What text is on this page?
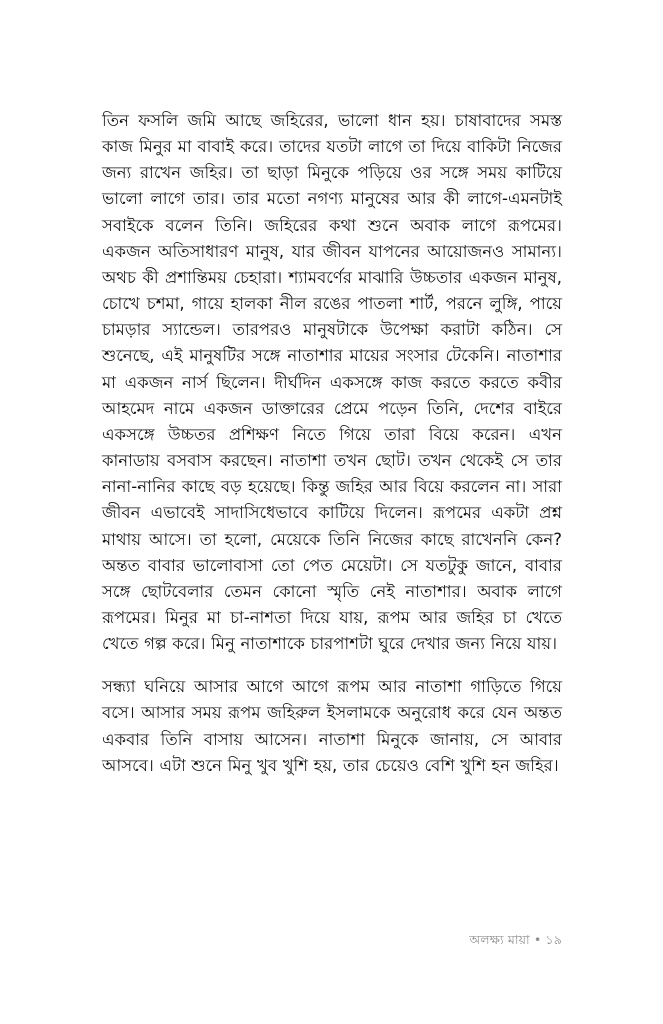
তিন ফসলি জমি আছে জহিরের, ভালো ধান হয়। চাষাবাদের সমস্ত কাজ মিনুর মা বাবাই করে। তাদের যতটা লাগে তা দিয়ে বাকিটা নিজের জন্য রাখেন জহির। তা ছাড়া মিনুকে পড়িয়ে ওর সঙ্গে সময় কাটিয়ে ভালো লাগে তার। তার মতো নগণ্য মানুষের আর কী লাগে-এমনটাই সবাইকে বলেন তিনি। জহিরের কথা শুনে অবাক লাগে রূপমের। একজন অতিসাধারণ মানুষ, যার জীবন যাপনের আয়োজনও সামান্য। অথচ কী প্রশান্তিময় চেহারা। শ্যামবর্ণের মাঝারি উচ্চতার একজন মানুষ, চোখে চশমা, গায়ে হালকা নীল রঙের পাতলা শার্ট, পরনে লুঙ্গি, পায়ে চামড়ার স্যান্ডেল। তারপরও মানুষটাকে উপেক্ষা করাটা কঠিন। সে শুনেছে, এই মানুষটির সঙ্গে নাতাশার মায়ের সংসার টেকেনি। নাতাশার মা একজন নার্স ছিলেন। দীর্ঘদিন একসঙ্গে কাজ করতে করতে কবীর আহমেদ নামে একজন ডাক্তারের প্রেমে পড়েন তিনি, দেশের বাইরে একসঙ্গে উচ্চতর প্রশিক্ষণ নিতে গিয়ে তারা বিয়ে করেন। এখন কানাডায় বসবাস করছেন। নাতাশা তখন ছোট। তখন থেকেই সে তার নানা-নানির কাছে বড় হয়েছে। কিন্তু জহির আর বিয়ে করলেন না। সারা জীবন এভাবেই সাদাসিধেভাবে কাটিয়ে দিলেন। রূপমের একটা প্রশ্ন মাথায় আসে। তা হলো, মেয়েকে তিনি নিজের কাছে রাখেননি কেন? অন্তত বাবার ভালোবাসা তো পেত মেয়েটা। সে যতটুকু জানে, বাবার সঙ্গে ছোটবেলার তেমন কোনো স্মৃতি নেই নাতাশার। অবাক লাগে রূপমের। মিনুর মা চা-নাশতা দিয়ে যায়, রূপম আর জহির চা খেতে খেতে গল্প করে। মিনু নাতাশাকে চারপাশটা ঘুরে দেখার জন্য নিয়ে যায়।

সন্ধ্যা ঘনিয়ে আসার আগে আগে রূপম আর নাতাশা গাড়িতে গিয়ে বসে। আসার সময় রূপম জহিরুল ইসলামকে অনুরোধ করে যেন অন্তত একবার তিনি বাসায় আসেন। নাতাশা মিনুকে জানায়, সে আবার আসবে। এটা শুনে মিনু খুব খুশি হয়, তার চেয়েও বেশি খুশি হন জহির।

অলক্ষ্য মায়া • ১৯
